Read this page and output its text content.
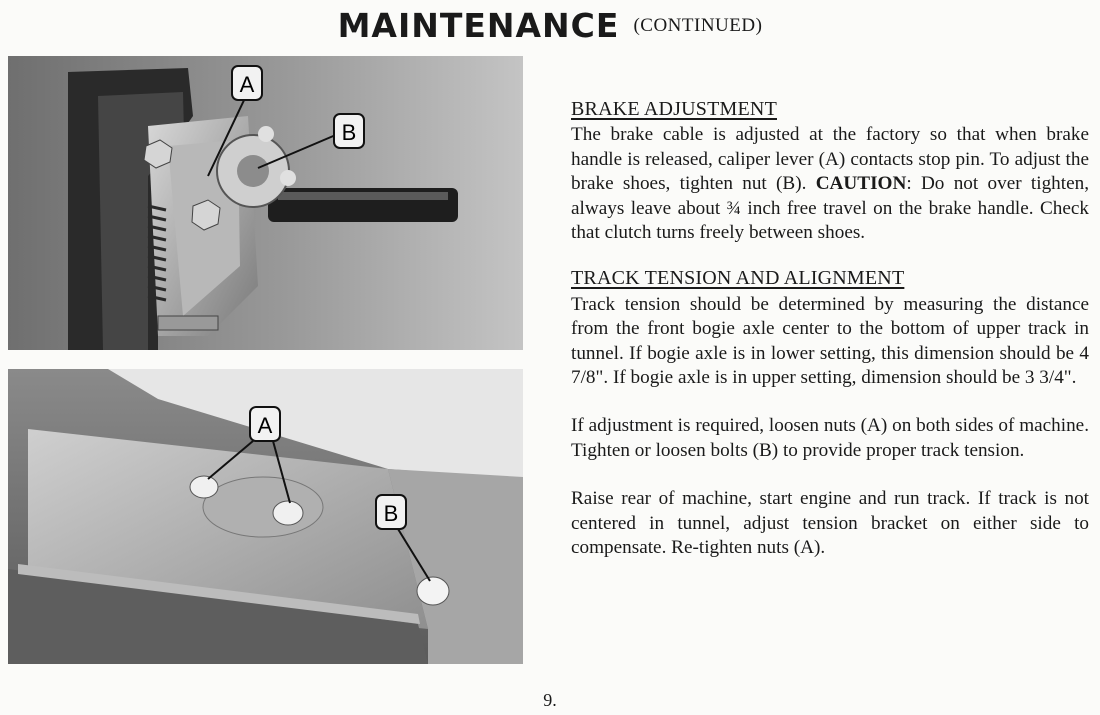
MAINTENANCE (CONTINUED)
A
B
A
B
BRAKE ADJUSTMENT

The brake cable is adjusted at the factory so that when brake handle is released, caliper lever (A) contacts stop pin. To adjust the brake shoes, tighten nut (B). CAUTION: Do not over tighten, always leave about ¾ inch free travel on the brake handle. Check that clutch turns freely between shoes.

TRACK TENSION AND ALIGNMENT

Track tension should be determined by measuring the distance from the front bogie axle center to the bottom of upper track in tunnel. If bogie axle is in lower setting, this dimension should be 4 7/8". If bogie axle is in upper setting, dimension should be 3 3/4".

If adjustment is required, loosen nuts (A) on both sides of machine. Tighten or loosen bolts (B) to provide proper track tension.

Raise rear of machine, start engine and run track. If track is not centered in tunnel, adjust tension bracket on either side to compensate. Re-tighten nuts (A).

9.
